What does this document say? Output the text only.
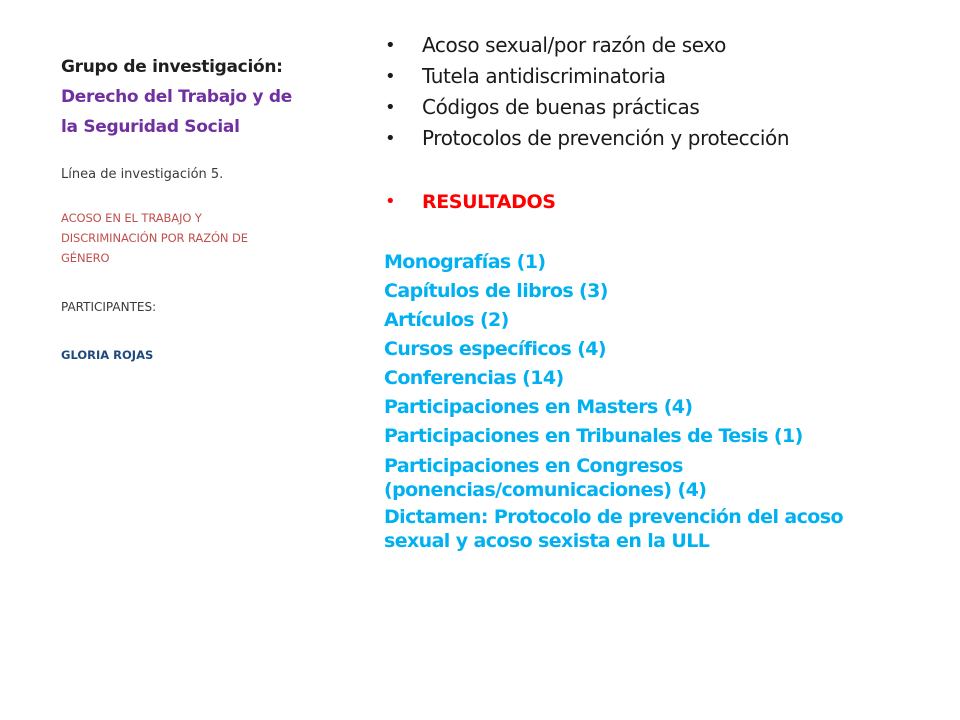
Grupo de investigación:
Derecho del Trabajo y de
la Seguridad Social
Línea de investigación 5.
ACOSO EN EL TRABAJO Y
DISCRIMINACIÓN POR RAZÓN DE
GÉNERO
PARTICIPANTES:
GLORIA ROJAS
• Acoso sexual/por razón de sexo
• Tutela antidiscriminatoria
• Códigos de buenas prácticas
• Protocolos de prevención y protección
• RESULTADOS
Monografías (1)
Capítulos de libros (3)
Artículos (2)
Cursos específicos (4)
Conferencias (14)
Participaciones en Masters (4)
Participaciones en Tribunales de Tesis (1)
Participaciones en Congresos
(ponencias/comunicaciones) (4)
Dictamen: Protocolo de prevención del acoso
sexual y acoso sexista en la ULL
